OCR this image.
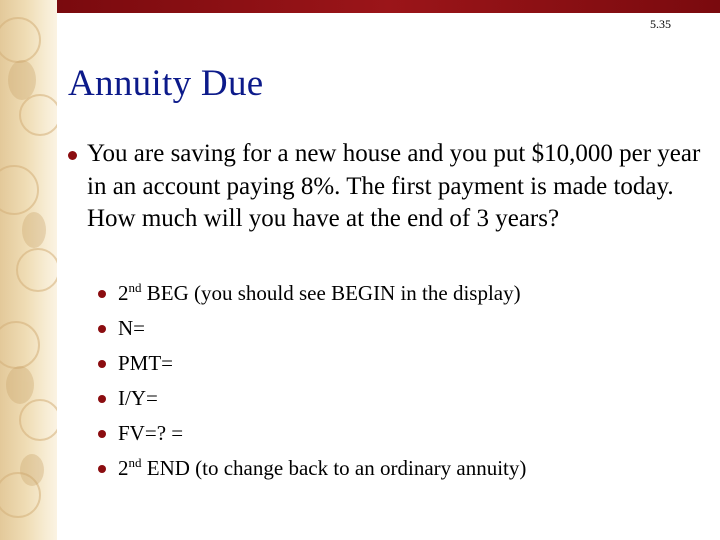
5.35
Annuity Due

You are saving for a new house and you put $10,000 per year in an account paying 8%. The first payment is made today. How much will you have at the end of 3 years?

2nd BEG (you should see BEGIN in the display)
N=
PMT=
I/Y=
FV=? =
2nd END (to change back to an ordinary annuity)
